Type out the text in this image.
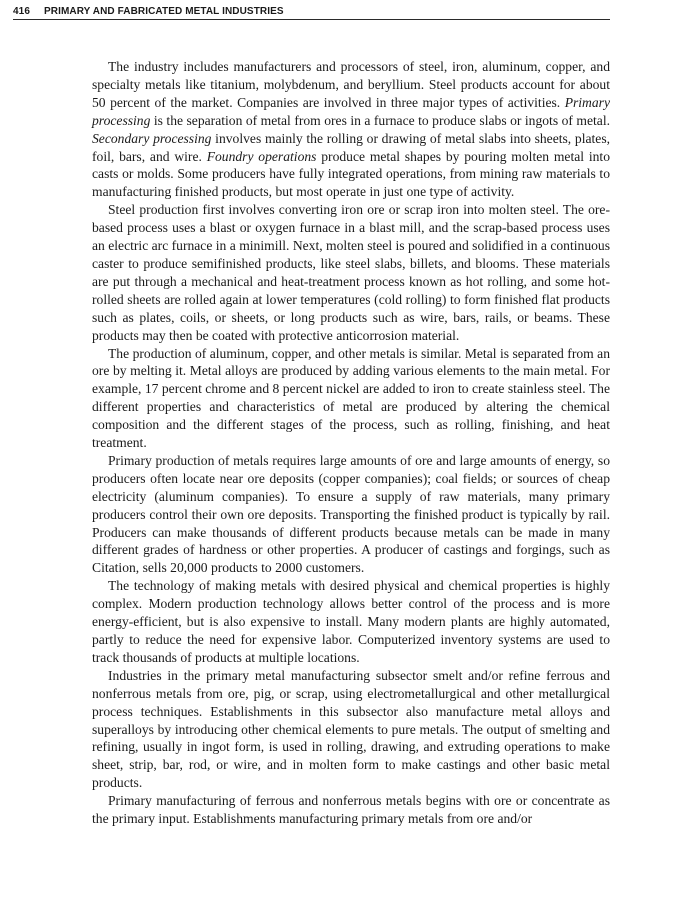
416 PRIMARY AND FABRICATED METAL INDUSTRIES

The industry includes manufacturers and processors of steel, iron, aluminum, copper, and specialty metals like titanium, molybdenum, and beryllium. Steel products account for about 50 percent of the market. Companies are involved in three major types of activities. Primary processing is the separation of metal from ores in a furnace to produce slabs or ingots of metal. Secondary processing involves mainly the rolling or drawing of metal slabs into sheets, plates, foil, bars, and wire. Foundry operations produce metal shapes by pouring molten metal into casts or molds. Some producers have fully integrated operations, from mining raw materials to manufacturing finished products, but most operate in just one type of activity.

Steel production first involves converting iron ore or scrap iron into molten steel. The ore-based process uses a blast or oxygen furnace in a blast mill, and the scrap-based process uses an electric arc furnace in a minimill. Next, molten steel is poured and solidified in a continuous caster to produce semifinished products, like steel slabs, billets, and blooms. These materials are put through a mechanical and heat-treatment process known as hot rolling, and some hot-rolled sheets are rolled again at lower temperatures (cold rolling) to form finished flat products such as plates, coils, or sheets, or long products such as wire, bars, rails, or beams. These products may then be coated with protective anticorrosion material.

The production of aluminum, copper, and other metals is similar. Metal is separated from an ore by melting it. Metal alloys are produced by adding various elements to the main metal. For example, 17 percent chrome and 8 percent nickel are added to iron to create stainless steel. The different properties and characteristics of metal are produced by altering the chemical composition and the different stages of the process, such as rolling, finishing, and heat treatment.

Primary production of metals requires large amounts of ore and large amounts of energy, so producers often locate near ore deposits (copper companies); coal fields; or sources of cheap electricity (aluminum companies). To ensure a supply of raw materials, many primary producers control their own ore deposits. Transporting the finished product is typically by rail. Producers can make thousands of different products because metals can be made in many different grades of hardness or other properties. A producer of castings and forgings, such as Citation, sells 20,000 products to 2000 customers.

The technology of making metals with desired physical and chemical properties is highly complex. Modern production technology allows better control of the process and is more energy-efficient, but is also expensive to install. Many modern plants are highly automated, partly to reduce the need for expensive labor. Computerized inventory systems are used to track thousands of products at multiple locations.

Industries in the primary metal manufacturing subsector smelt and/or refine ferrous and nonferrous metals from ore, pig, or scrap, using electrometallurgical and other metallurgical process techniques. Establishments in this subsector also manufacture metal alloys and superalloys by introducing other chemical elements to pure metals. The output of smelting and refining, usually in ingot form, is used in rolling, drawing, and extruding operations to make sheet, strip, bar, rod, or wire, and in molten form to make castings and other basic metal products.

Primary manufacturing of ferrous and nonferrous metals begins with ore or concentrate as the primary input. Establishments manufacturing primary metals from ore and/or
